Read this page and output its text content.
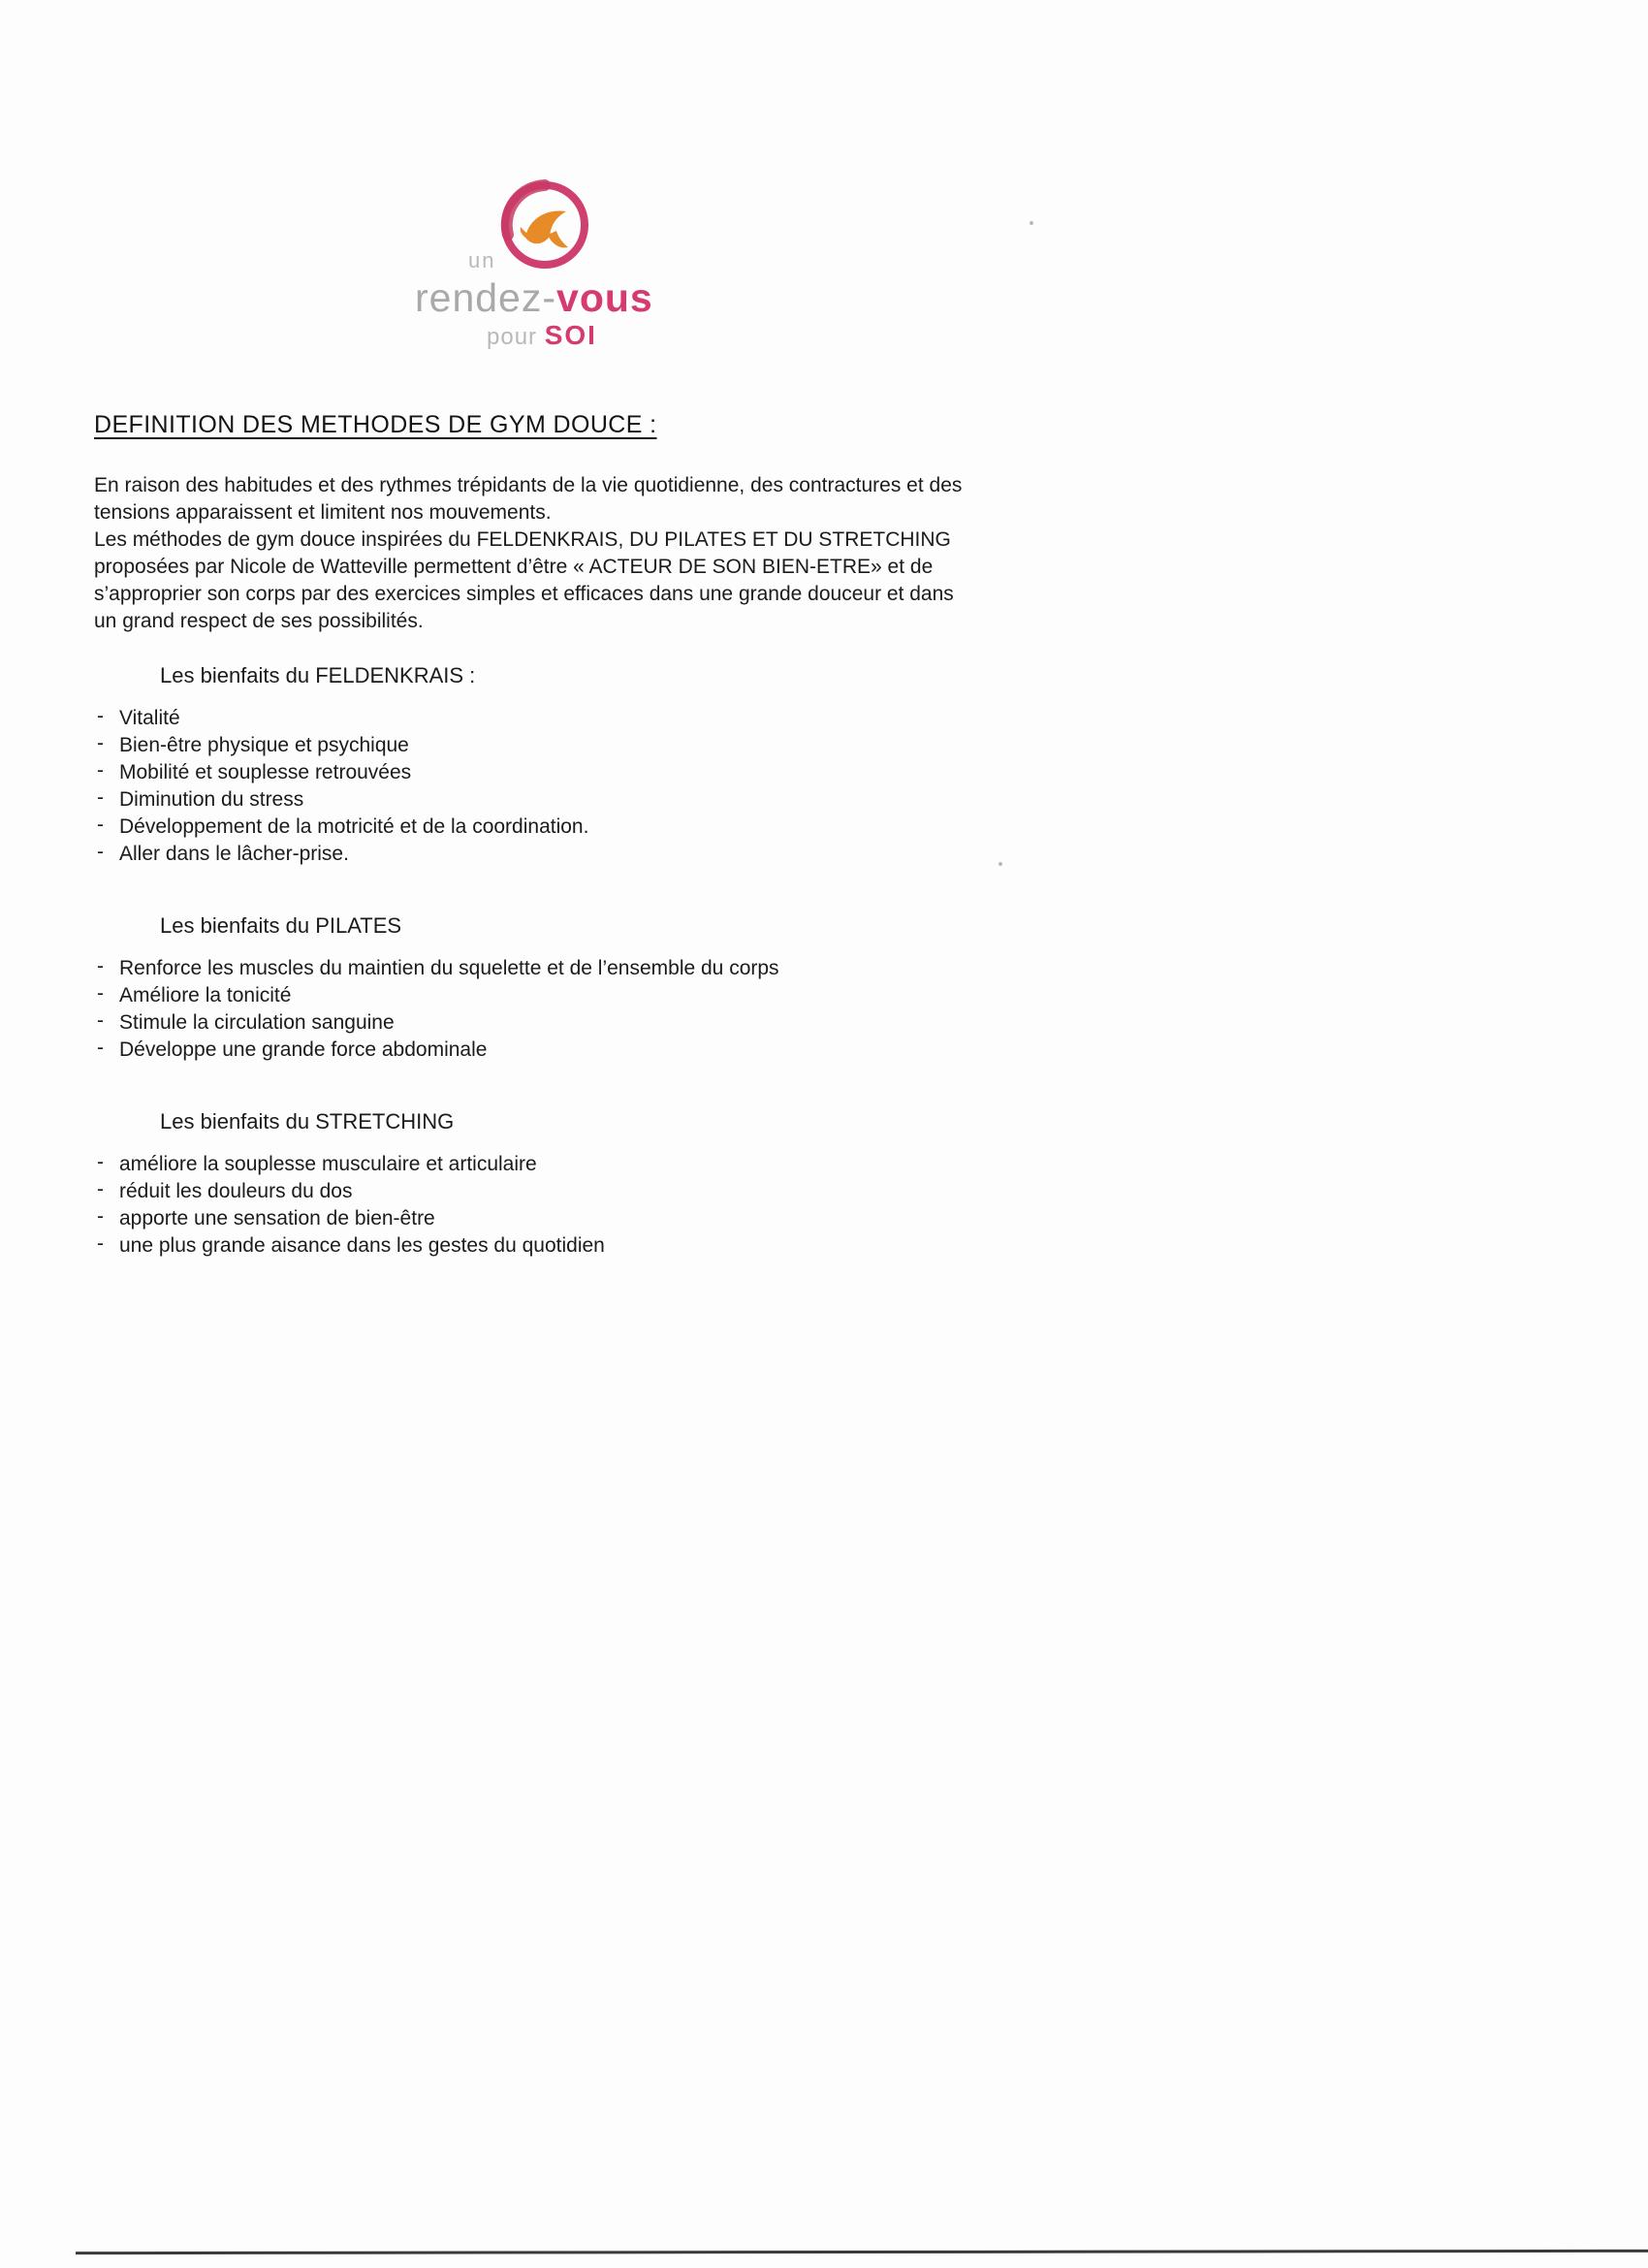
un
rendez-vous
pour SOI
DEFINITION DES METHODES DE GYM DOUCE :

En raison des habitudes et des rythmes trépidants de la vie quotidienne, des contractures et des tensions apparaissent et limitent nos mouvements.

Les méthodes de gym douce inspirées du FELDENKRAIS, DU PILATES ET DU STRETCHING proposées par Nicole de Watteville permettent d’être « ACTEUR DE SON BIEN-ETRE» et de s’approprier son corps par des exercices simples et efficaces dans une grande douceur et dans un grand respect de ses possibilités.

Les bienfaits du FELDENKRAIS :
- Vitalité
- Bien-être physique et psychique
- Mobilité et souplesse retrouvées
- Diminution du stress
- Développement de la motricité et de la coordination.
- Aller dans le lâcher-prise.
Les bienfaits du PILATES
- Renforce les muscles du maintien du squelette et de l’ensemble du corps
- Améliore la tonicité
- Stimule la circulation sanguine
- Développe une grande force abdominale
Les bienfaits du STRETCHING
- améliore la souplesse musculaire et articulaire
- réduit les douleurs du dos
- apporte une sensation de bien-être
- une plus grande aisance dans les gestes du quotidien
